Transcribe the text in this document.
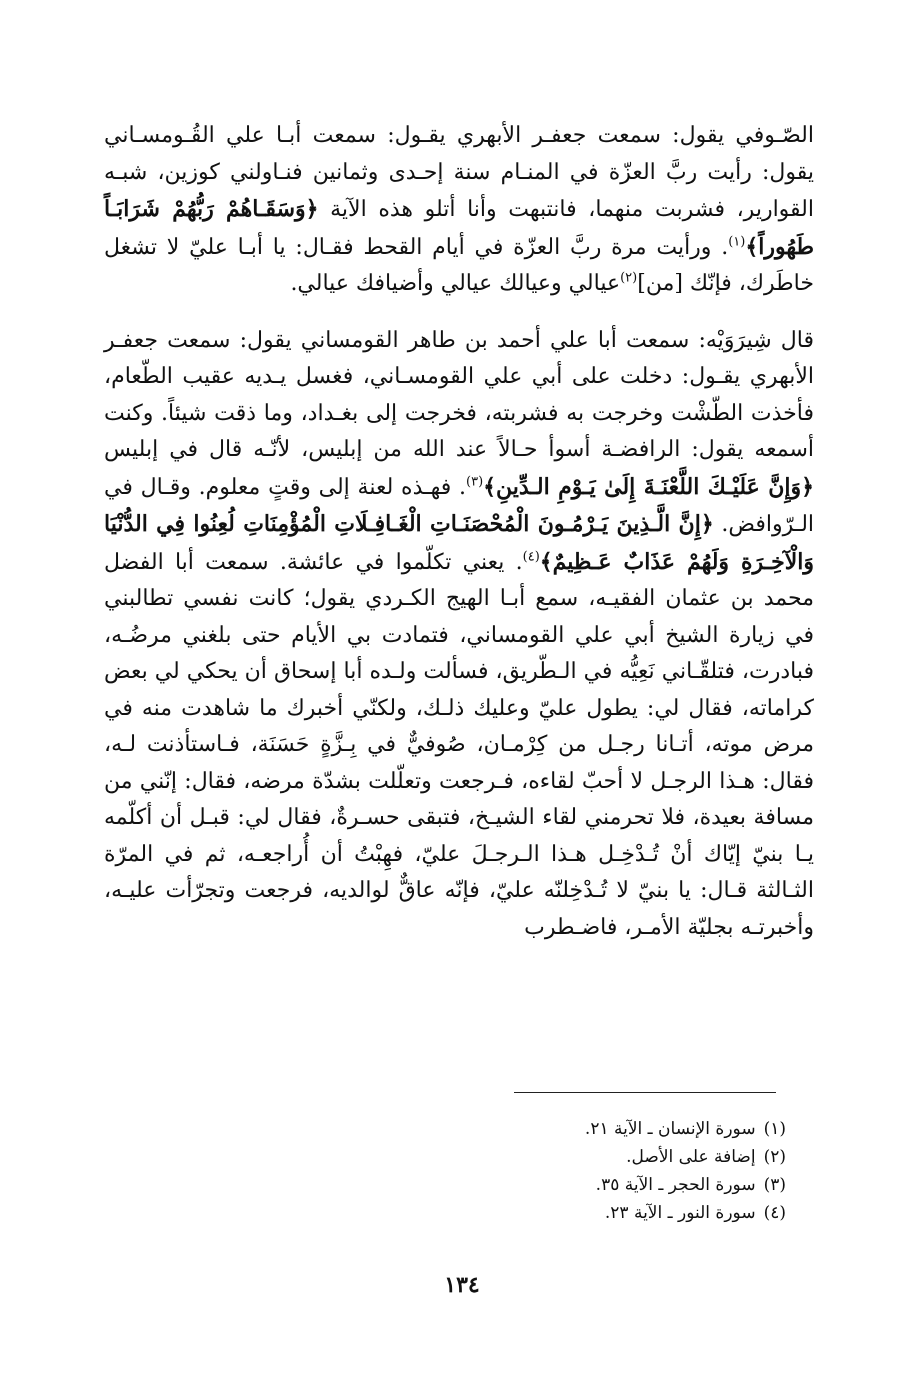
الصّـوفي يقول: سمعت جعفـر الأبهري يقـول: سمعت أبـا علي القُـومسـاني يقول: رأيت ربَّ العزّة في المنـام سنة إحـدى وثمانين فنـاولني كوزين، شبـه القوارير، فشربت منهما، فانتبهت وأنا أتلو هذه الآية ﴿وَسَقَـاهُمْ رَبُّهُمْ شَرَابَـاً طَهُوراً﴾$^{(١)}$. ورأيت مرة ربَّ العزّة في أيام القحط فقـال: يا أبـا عليّ لا تشغل خاطَرك، فإنّك [من]$^{(٢)}$عيالي وعيالك عيالي وأضيافك عيالي.

قال شِيرَوَيْه: سمعت أبا علي أحمد بن طاهر القومساني يقول: سمعت جعفـر الأبهري يقـول: دخلت على أبي علي القومسـاني، فغسل يـديه عقيب الطّعام، فأخذت الطّشْت وخرجت به فشربته، فخرجت إلى بغـداد، وما ذقت شيئاً. وكنت أسمعه يقول: الرافضـة أسوأ حـالاً عند الله من إبليس، لأنّـه قال في إبليس ﴿وَإِنَّ عَلَيْـكَ اللَّعْنَـةَ إِلَىٰ يَـوْمِ الـدِّينِ﴾$^{(٣)}$. فهـذه لعنة إلى وقتٍ معلوم. وقـال في الـرّوافض. ﴿إِنَّ الَّـذِينَ يَـرْمُـونَ الْمُحْصَنَـاتِ الْغَـافِـلَاتِ الْمُؤْمِنَاتِ لُعِنُوا فِي الدُّنْيَا وَالْآخِـرَةِ وَلَهُمْ عَذَابٌ عَـظِيمٌ﴾$^{(٤)}$. يعني تكلّموا في عائشة. سمعت أبا الفضل محمد بن عثمان الفقيـه، سمع أبـا الهيج الكـردي يقول؛ كانت نفسي تطالبني في زيارة الشيخ أبي علي القومساني، فتمادت بي الأيام حتى بلغني مرضُـه، فبادرت، فتلقّـاني نَعِيُّه في الـطّريق، فسألت ولـده أبا إسحاق أن يحكي لي بعض كراماته، فقال لي: يطول عليّ وعليك ذلـك، ولكنّي أخبرك ما شاهدت منه في مرض موته، أتـانا رجـل من كِرْمـان، صُوفيٌّ في بِـزَّةٍ حَسَنَة، فـاستأذنت لـه، فقال: هـذا الرجـل لا أحبّ لقاءه، فـرجعت وتعلّلت بشدّة مرضه، فقال: إنّني من مسافة بعيدة، فلا تحرمني لقاء الشيـخ، فتبقى حسـرةٌ، فقال لي: قبـل أن أكلّمه يـا بنيّ إيّاك أنْ تُـدْخِـل هـذا الـرجـلَ عليّ، فهِبْتُ أن أُراجعـه، ثم في المرّة الثـالثة قـال: يا بنيّ لا تُـدْخِلنّه عليّ، فإنّه عاقٌّ لوالديه، فرجعت وتجرّأت عليـه، وأخبرتـه بجليّة الأمـر، فاضـطرب

(١)سورة الإنسان ـ الآية ٢١.

(٢)إضافة على الأصل.

(٣)سورة الحجر ـ الآية ٣٥.

(٤)سورة النور ـ الآية ٢٣.

١٣٤
